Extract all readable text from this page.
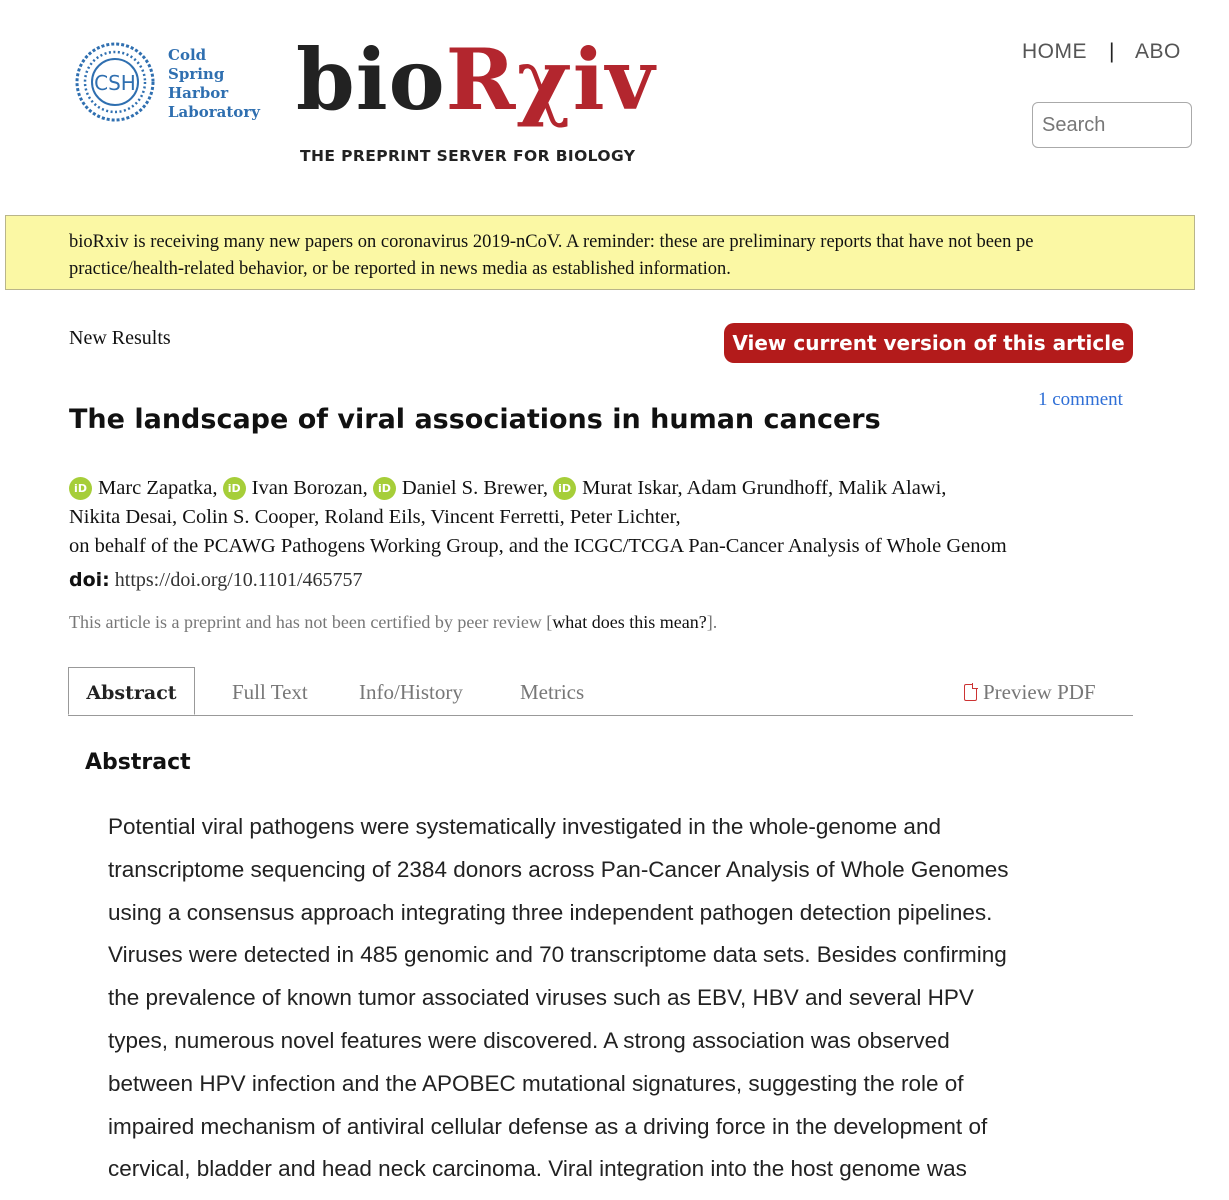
CSH
Cold
Spring
Harbor
Laboratory bioRχiv
THE PREPRINT SERVER FOR BIOLOGY
HOME | ABO
Search
bioRxiv is receiving many new papers on coronavirus 2019-nCoV. A reminder: these are preliminary reports that have not been pe
practice/health-related behavior, or be reported in news media as established information.
New Results	View current version of this article
1 comment
The landscape of viral associations in human cancers
iD Marc Zapatka, iD Ivan Borozan, iD Daniel S. Brewer, iD Murat Iskar, Adam Grundhoff, Malik Alawi,
Nikita Desai, Colin S. Cooper, Roland Eils, Vincent Ferretti, Peter Lichter,
on behalf of the PCAWG Pathogens Working Group, and the ICGC/TCGA Pan-Cancer Analysis of Whole Genom
doi: https://doi.org/10.1101/465757
This article is a preprint and has not been certified by peer review [what does this mean?].
Abstract	Full Text Info/History	Metrics	Preview PDF
Abstract
Potential viral pathogens were systematically investigated in the whole-genome and
transcriptome sequencing of 2384 donors across Pan-Cancer Analysis of Whole Genomes
using a consensus approach integrating three independent pathogen detection pipelines.
Viruses were detected in 485 genomic and 70 transcriptome data sets. Besides confirming
the prevalence of known tumor associated viruses such as EBV, HBV and several HPV
types, numerous novel features were discovered. A strong association was observed
between HPV infection and the APOBEC mutational signatures, suggesting the role of
impaired mechanism of antiviral cellular defense as a driving force in the development of
cervical, bladder and head neck carcinoma. Viral integration into the host genome was
